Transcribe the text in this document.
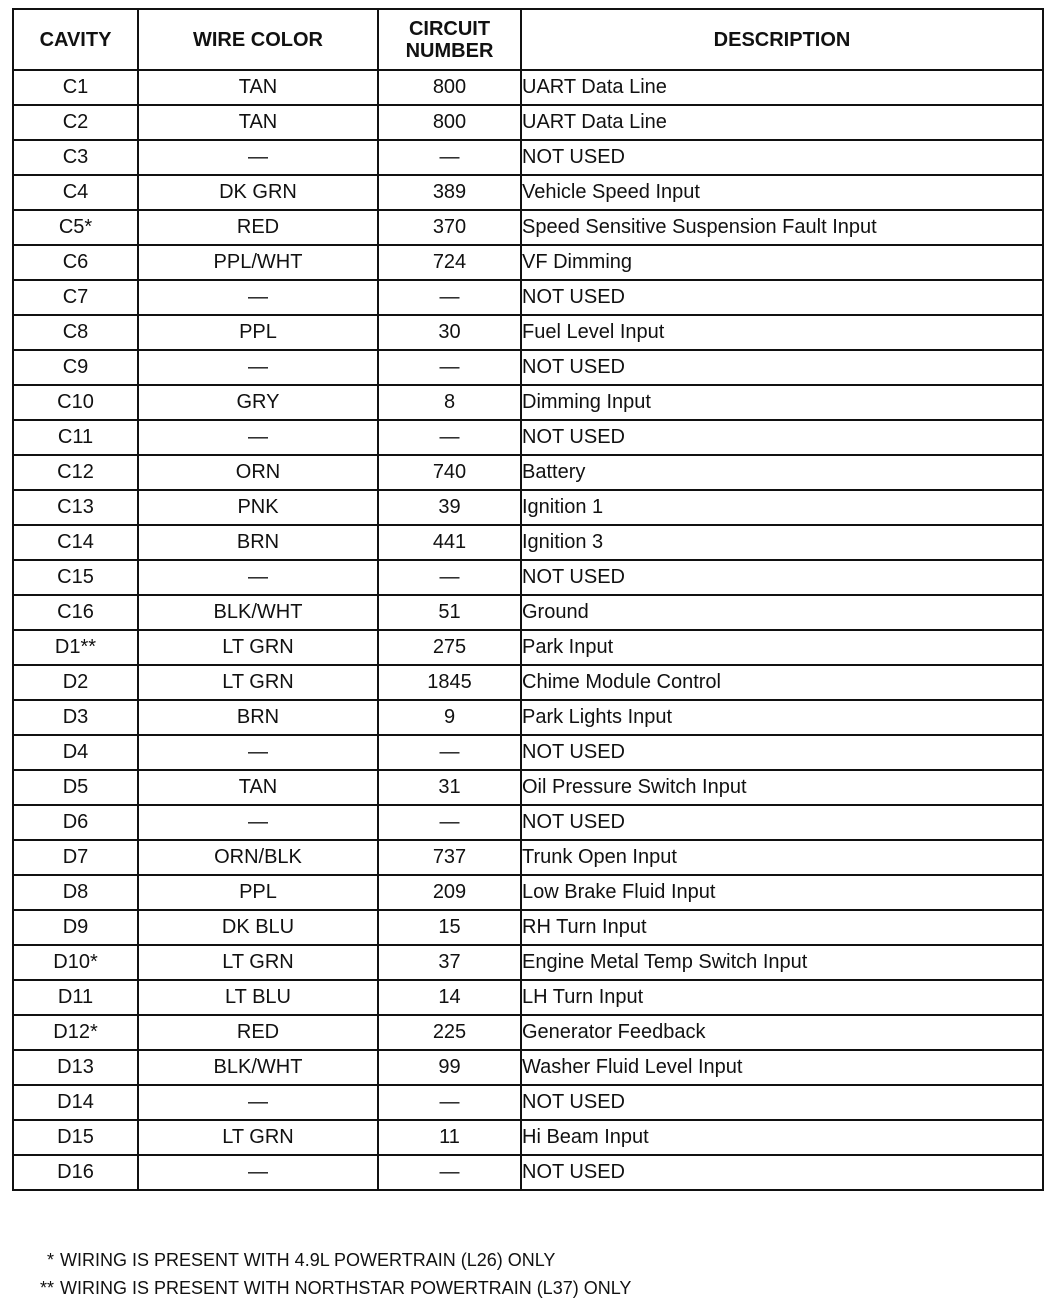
CAVITY	WIRE COLOR	CIRCUIT NUMBER	DESCRIPTION
C1	TAN	800	UART Data Line
C2	TAN	800	UART Data Line
C3	—	—	NOT USED
C4	DK GRN	389	Vehicle Speed Input
C5*	RED	370	Speed Sensitive Suspension Fault Input
C6	PPL/WHT	724	VF Dimming
C7	—	—	NOT USED
C8	PPL	30	Fuel Level Input
C9	—	—	NOT USED
C10	GRY	8	Dimming Input
C11	—	—	NOT USED
C12	ORN	740	Battery
C13	PNK	39	Ignition 1
C14	BRN	441	Ignition 3
C15	—	—	NOT USED
C16	BLK/WHT	51	Ground
D1**	LT GRN	275	Park Input
D2	LT GRN	1845	Chime Module Control
D3	BRN	9	Park Lights Input
D4	—	—	NOT USED
D5	TAN	31	Oil Pressure Switch Input
D6	—	—	NOT USED
D7	ORN/BLK	737	Trunk Open Input
D8	PPL	209	Low Brake Fluid Input
D9	DK BLU	15	RH Turn Input
D10*	LT GRN	37	Engine Metal Temp Switch Input
D11	LT BLU	14	LH Turn Input
D12*	RED	225	Generator Feedback
D13	BLK/WHT	99	Washer Fluid Level Input
D14	—	—	NOT USED
D15	LT GRN	11	Hi Beam Input
D16	—	—	NOT USED
* WIRING IS PRESENT WITH 4.9L POWERTRAIN (L26) ONLY
** WIRING IS PRESENT WITH NORTHSTAR POWERTRAIN (L37) ONLY
